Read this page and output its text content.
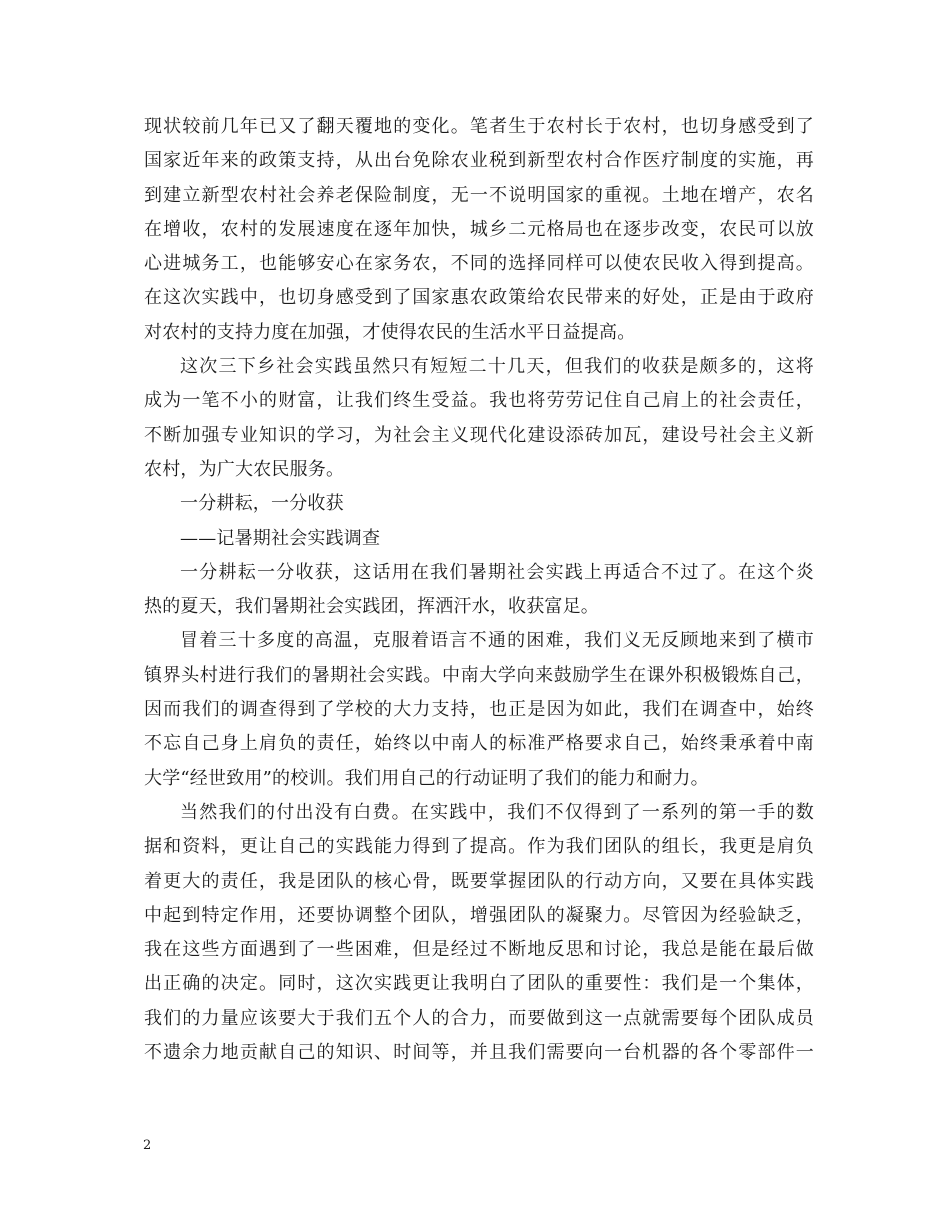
现状较前几年已又了翻天覆地的变化。笔者生于农村长于农村，也切身感受到了
国家近年来的政策支持，从出台免除农业税到新型农村合作医疗制度的实施，再
到建立新型农村社会养老保险制度，无一不说明国家的重视。土地在增产，农名
在增收，农村的发展速度在逐年加快，城乡二元格局也在逐步改变，农民可以放
心进城务工，也能够安心在家务农，不同的选择同样可以使农民收入得到提高。
在这次实践中，也切身感受到了国家惠农政策给农民带来的好处，正是由于政府
对农村的支持力度在加强，才使得农民的生活水平日益提高。
这次三下乡社会实践虽然只有短短二十几天，但我们的收获是颇多的，这将
成为一笔不小的财富，让我们终生受益。我也将劳劳记住自己肩上的社会责任，
不断加强专业知识的学习，为社会主义现代化建设添砖加瓦，建设号社会主义新
农村，为广大农民服务。
一分耕耘，一分收获
——记暑期社会实践调查
一分耕耘一分收获，这话用在我们暑期社会实践上再适合不过了。在这个炎
热的夏天，我们暑期社会实践团，挥洒汗水，收获富足。
冒着三十多度的高温，克服着语言不通的困难，我们义无反顾地来到了横市
镇界头村进行我们的暑期社会实践。中南大学向来鼓励学生在课外积极锻炼自己，
因而我们的调查得到了学校的大力支持，也正是因为如此，我们在调查中，始终
不忘自己身上肩负的责任，始终以中南人的标准严格要求自己，始终秉承着中南
大学“经世致用”的校训。我们用自己的行动证明了我们的能力和耐力。
当然我们的付出没有白费。在实践中，我们不仅得到了一系列的第一手的数
据和资料，更让自己的实践能力得到了提高。作为我们团队的组长，我更是肩负
着更大的责任，我是团队的核心骨，既要掌握团队的行动方向，又要在具体实践
中起到特定作用，还要协调整个团队，增强团队的凝聚力。尽管因为经验缺乏，
我在这些方面遇到了一些困难，但是经过不断地反思和讨论，我总是能在最后做
出正确的决定。同时，这次实践更让我明白了团队的重要性：我们是一个集体，
我们的力量应该要大于我们五个人的合力，而要做到这一点就需要每个团队成员
不遗余力地贡献自己的知识、时间等，并且我们需要向一台机器的各个零部件一
2
